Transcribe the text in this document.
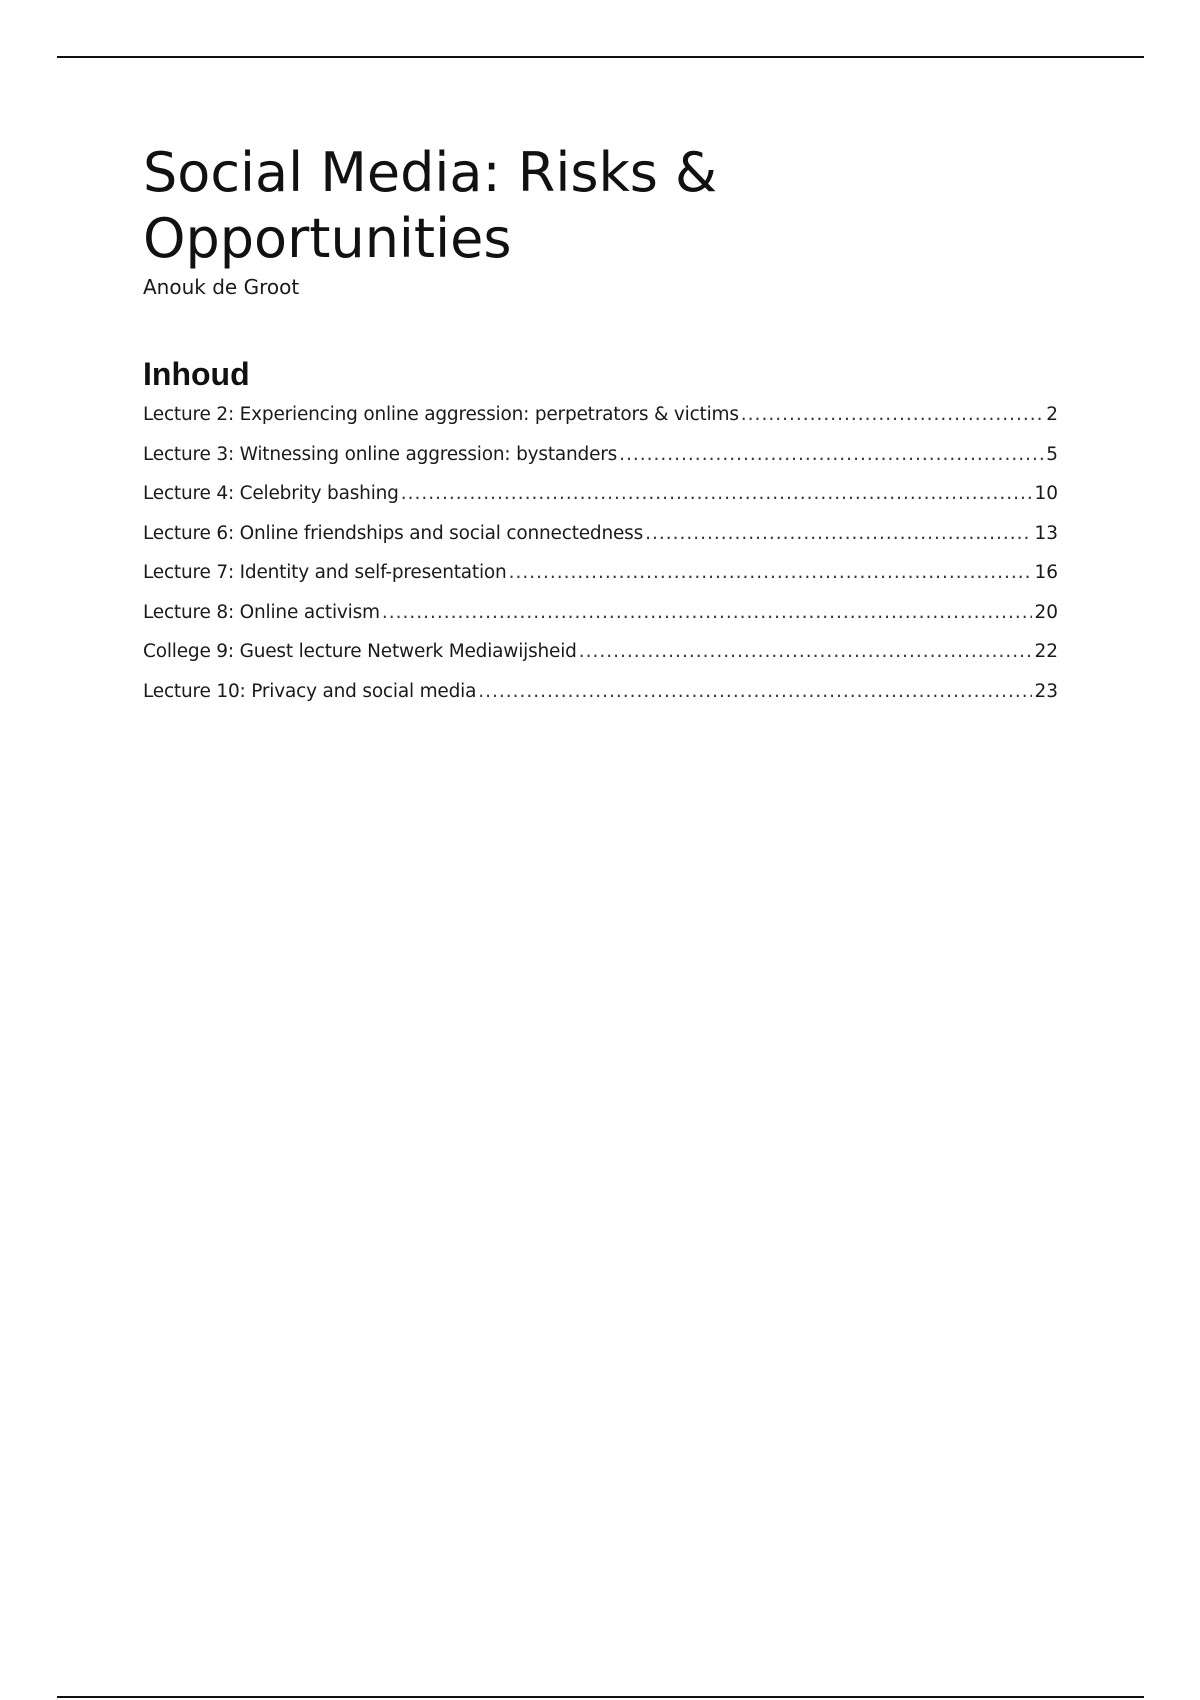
Social Media: Risks & Opportunities

Anouk de Groot

Inhoud
Lecture 2: Experiencing online aggression: perpetrators & victims .....	2
Lecture 3: Witnessing online aggression: bystanders .....	5
Lecture 4: Celebrity bashing .....	10
Lecture 6: Online friendships and social connectedness .....	13
Lecture 7: Identity and self-presentation .....	16
Lecture 8: Online activism .....	20
College 9: Guest lecture Netwerk Mediawijsheid .....	22
Lecture 10: Privacy and social media .....	23
